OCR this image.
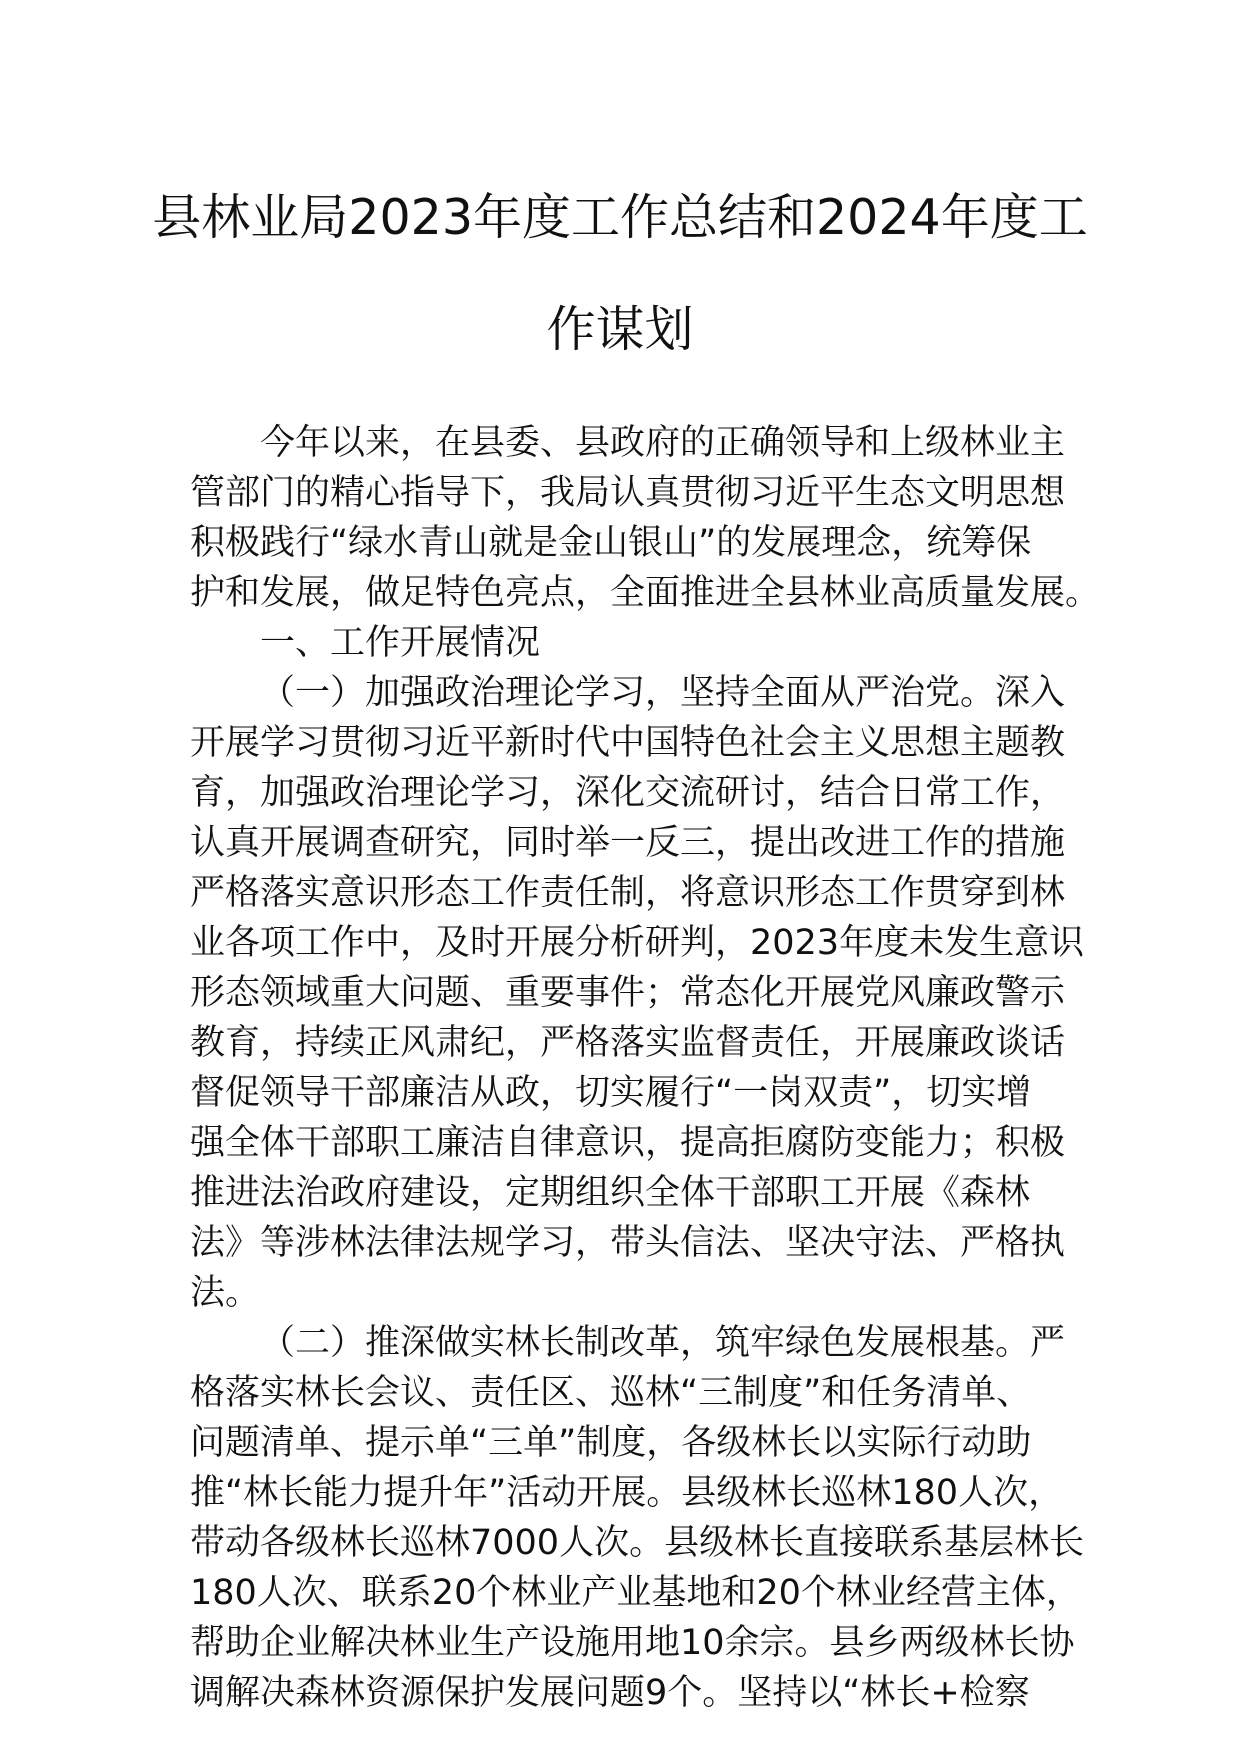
县林业局2023年度工作总结和2024年度工
作谋划
今年以来，在县委、县政府的正确领导和上级林业主
管部门的精心指导下，我局认真贯彻习近平生态文明思想
积极践行“绿水青山就是金山银山”的发展理念，统筹保
护和发展，做足特色亮点，全面推进全县林业高质量发展。
一、工作开展情况
（一）加强政治理论学习，坚持全面从严治党。深入
开展学习贯彻习近平新时代中国特色社会主义思想主题教
育，加强政治理论学习，深化交流研讨，结合日常工作，
认真开展调查研究，同时举一反三，提出改进工作的措施
严格落实意识形态工作责任制，将意识形态工作贯穿到林
业各项工作中，及时开展分析研判，2023年度未发生意识
形态领域重大问题、重要事件；常态化开展党风廉政警示
教育，持续正风肃纪，严格落实监督责任，开展廉政谈话
督促领导干部廉洁从政，切实履行“一岗双责”，切实增
强全体干部职工廉洁自律意识，提高拒腐防变能力；积极
推进法治政府建设，定期组织全体干部职工开展《森林
法》等涉林法律法规学习，带头信法、坚决守法、严格执
法。
（二）推深做实林长制改革，筑牢绿色发展根基。严
格落实林长会议、责任区、巡林“三制度”和任务清单、
问题清单、提示单“三单”制度，各级林长以实际行动助
推“林长能力提升年”活动开展。县级林长巡林180人次，
带动各级林长巡林7000人次。县级林长直接联系基层林长
180人次、联系20个林业产业基地和20个林业经营主体，
帮助企业解决林业生产设施用地10余宗。县乡两级林长协
调解决森林资源保护发展问题9个。坚持以“林长+检察
